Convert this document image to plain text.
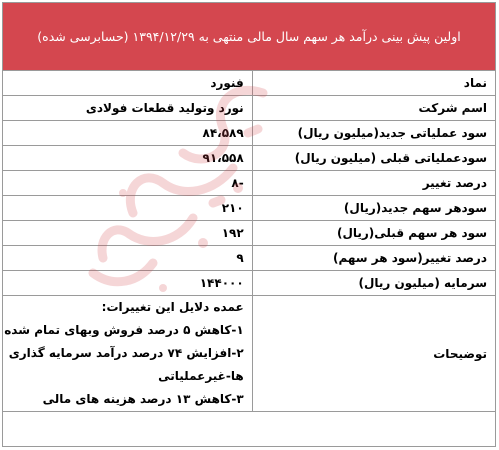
اولین پیش بینی درآمد هر سهم سال مالی منتهی به ۱۳۹۴/۱۲/۲۹ (حسابرسی شده)
نماد	فنورد
اسم شرکت	نورد وتولید قطعات فولادی
سود عملیاتی جدید(میلیون ریال)	۸۴،۵۸۹
سودعملیاتی قبلی (میلیون ریال)	۹۱،۵۵۸
درصد تغییر	-۸
سودهر سهم جدید(ریال)	۲۱۰
سود هر سهم قبلی(ریال)	۱۹۲
درصد تغییر(سود هر سهم)	۹
سرمایه (میلیون ریال)	۱۴۴۰۰۰
توضیحات	عمده دلایل این تغییرات:
۱-کاهش ۵ درصد فروش وبهای تمام شده
۲-افزایش ۷۴ درصد درآمد سرمایه گذاری
ها-غیرعملیاتی
۳-کاهش ۱۳ درصد هزینه های مالی
